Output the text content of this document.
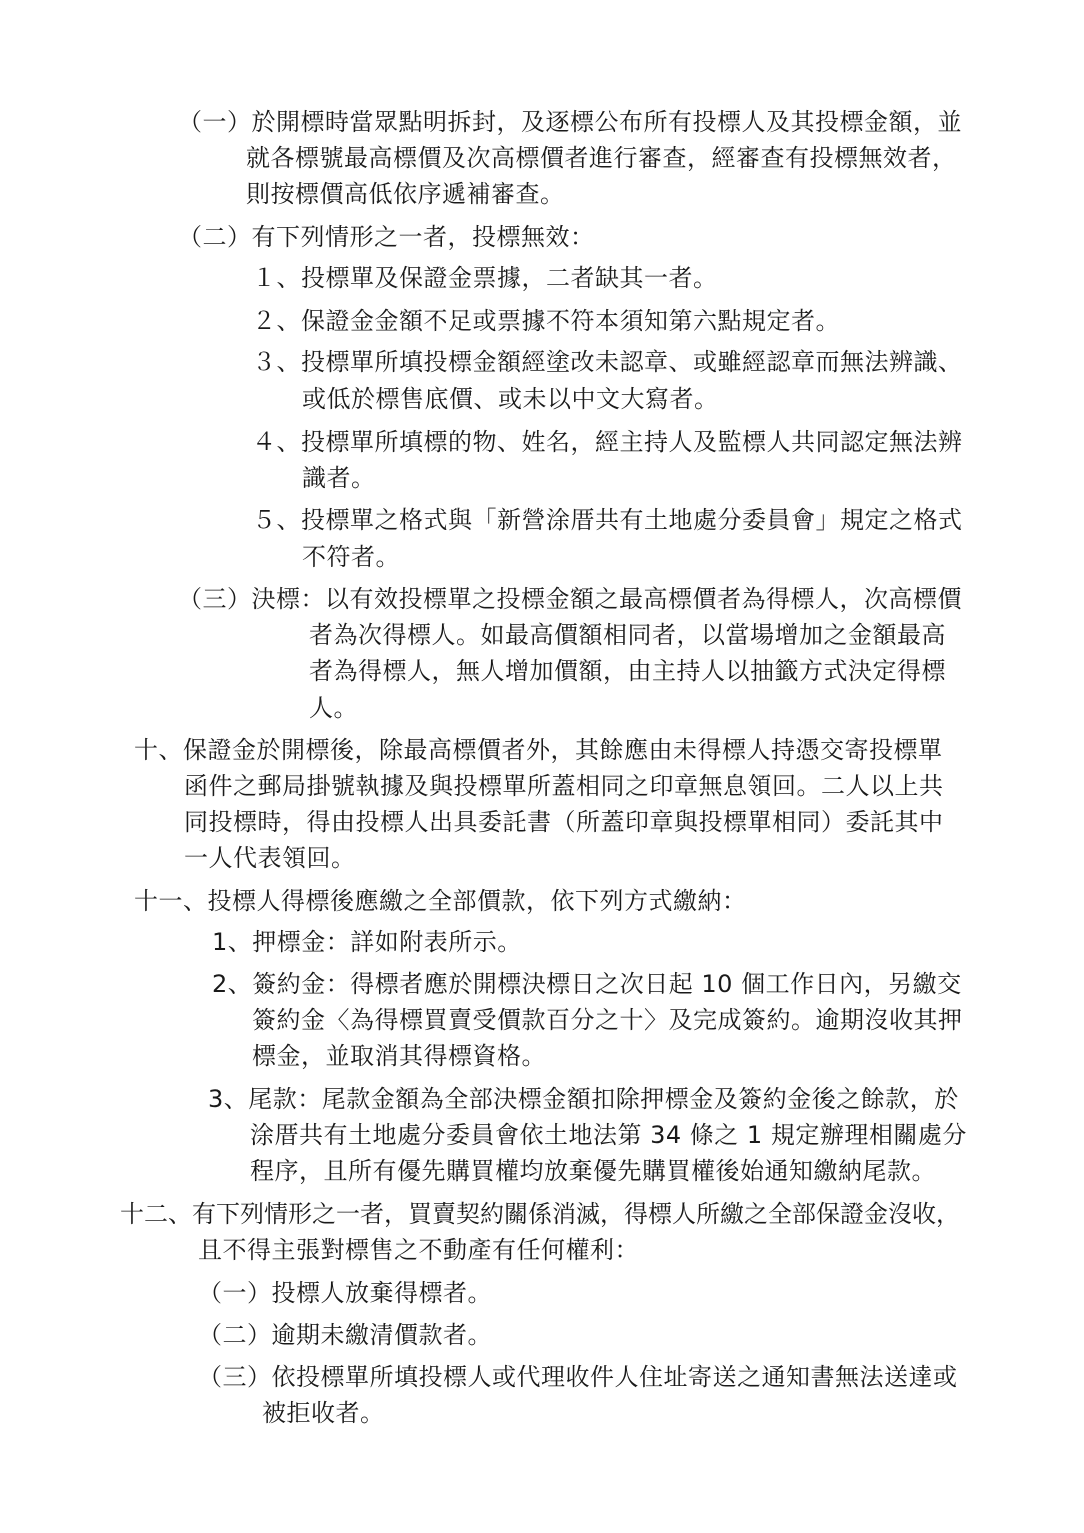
（一）於開標時當眾點明拆封，及逐標公布所有投標人及其投標金額，並
就各標號最高標價及次高標價者進行審查，經審查有投標無效者，
則按標價高低依序遞補審查。
（二）有下列情形之一者，投標無效：
１、投標單及保證金票據，二者缺其一者。
２、保證金金額不足或票據不符本須知第六點規定者。
３、投標單所填投標金額經塗改未認章、或雖經認章而無法辨識、
或低於標售底價、或未以中文大寫者。
４、投標單所填標的物、姓名，經主持人及監標人共同認定無法辨
識者。
５、投標單之格式與「新營涂厝共有土地處分委員會」規定之格式
不符者。
（三）決標：以有效投標單之投標金額之最高標價者為得標人，次高標價
者為次得標人。如最高價額相同者，以當場增加之金額最高
者為得標人，無人增加價額，由主持人以抽籤方式決定得標
人。
十、保證金於開標後，除最高標價者外，其餘應由未得標人持憑交寄投標單
函件之郵局掛號執據及與投標單所蓋相同之印章無息領回。二人以上共
同投標時，得由投標人出具委託書（所蓋印章與投標單相同）委託其中
一人代表領回。
十一、投標人得標後應繳之全部價款，依下列方式繳納：
1、押標金：詳如附表所示。
2、簽約金：得標者應於開標決標日之次日起 10 個工作日內，另繳交
簽約金〈為得標買賣受價款百分之十〉及完成簽約。逾期沒收其押
標金，並取消其得標資格。
3、尾款：尾款金額為全部決標金額扣除押標金及簽約金後之餘款，於
涂厝共有土地處分委員會依土地法第 34 條之 1 規定辦理相關處分
程序，且所有優先購買權均放棄優先購買權後始通知繳納尾款。
十二、有下列情形之一者，買賣契約關係消滅，得標人所繳之全部保證金沒收，
且不得主張對標售之不動產有任何權利：
（一）投標人放棄得標者。
（二）逾期未繳清價款者。
（三）依投標單所填投標人或代理收件人住址寄送之通知書無法送達或
被拒收者。
